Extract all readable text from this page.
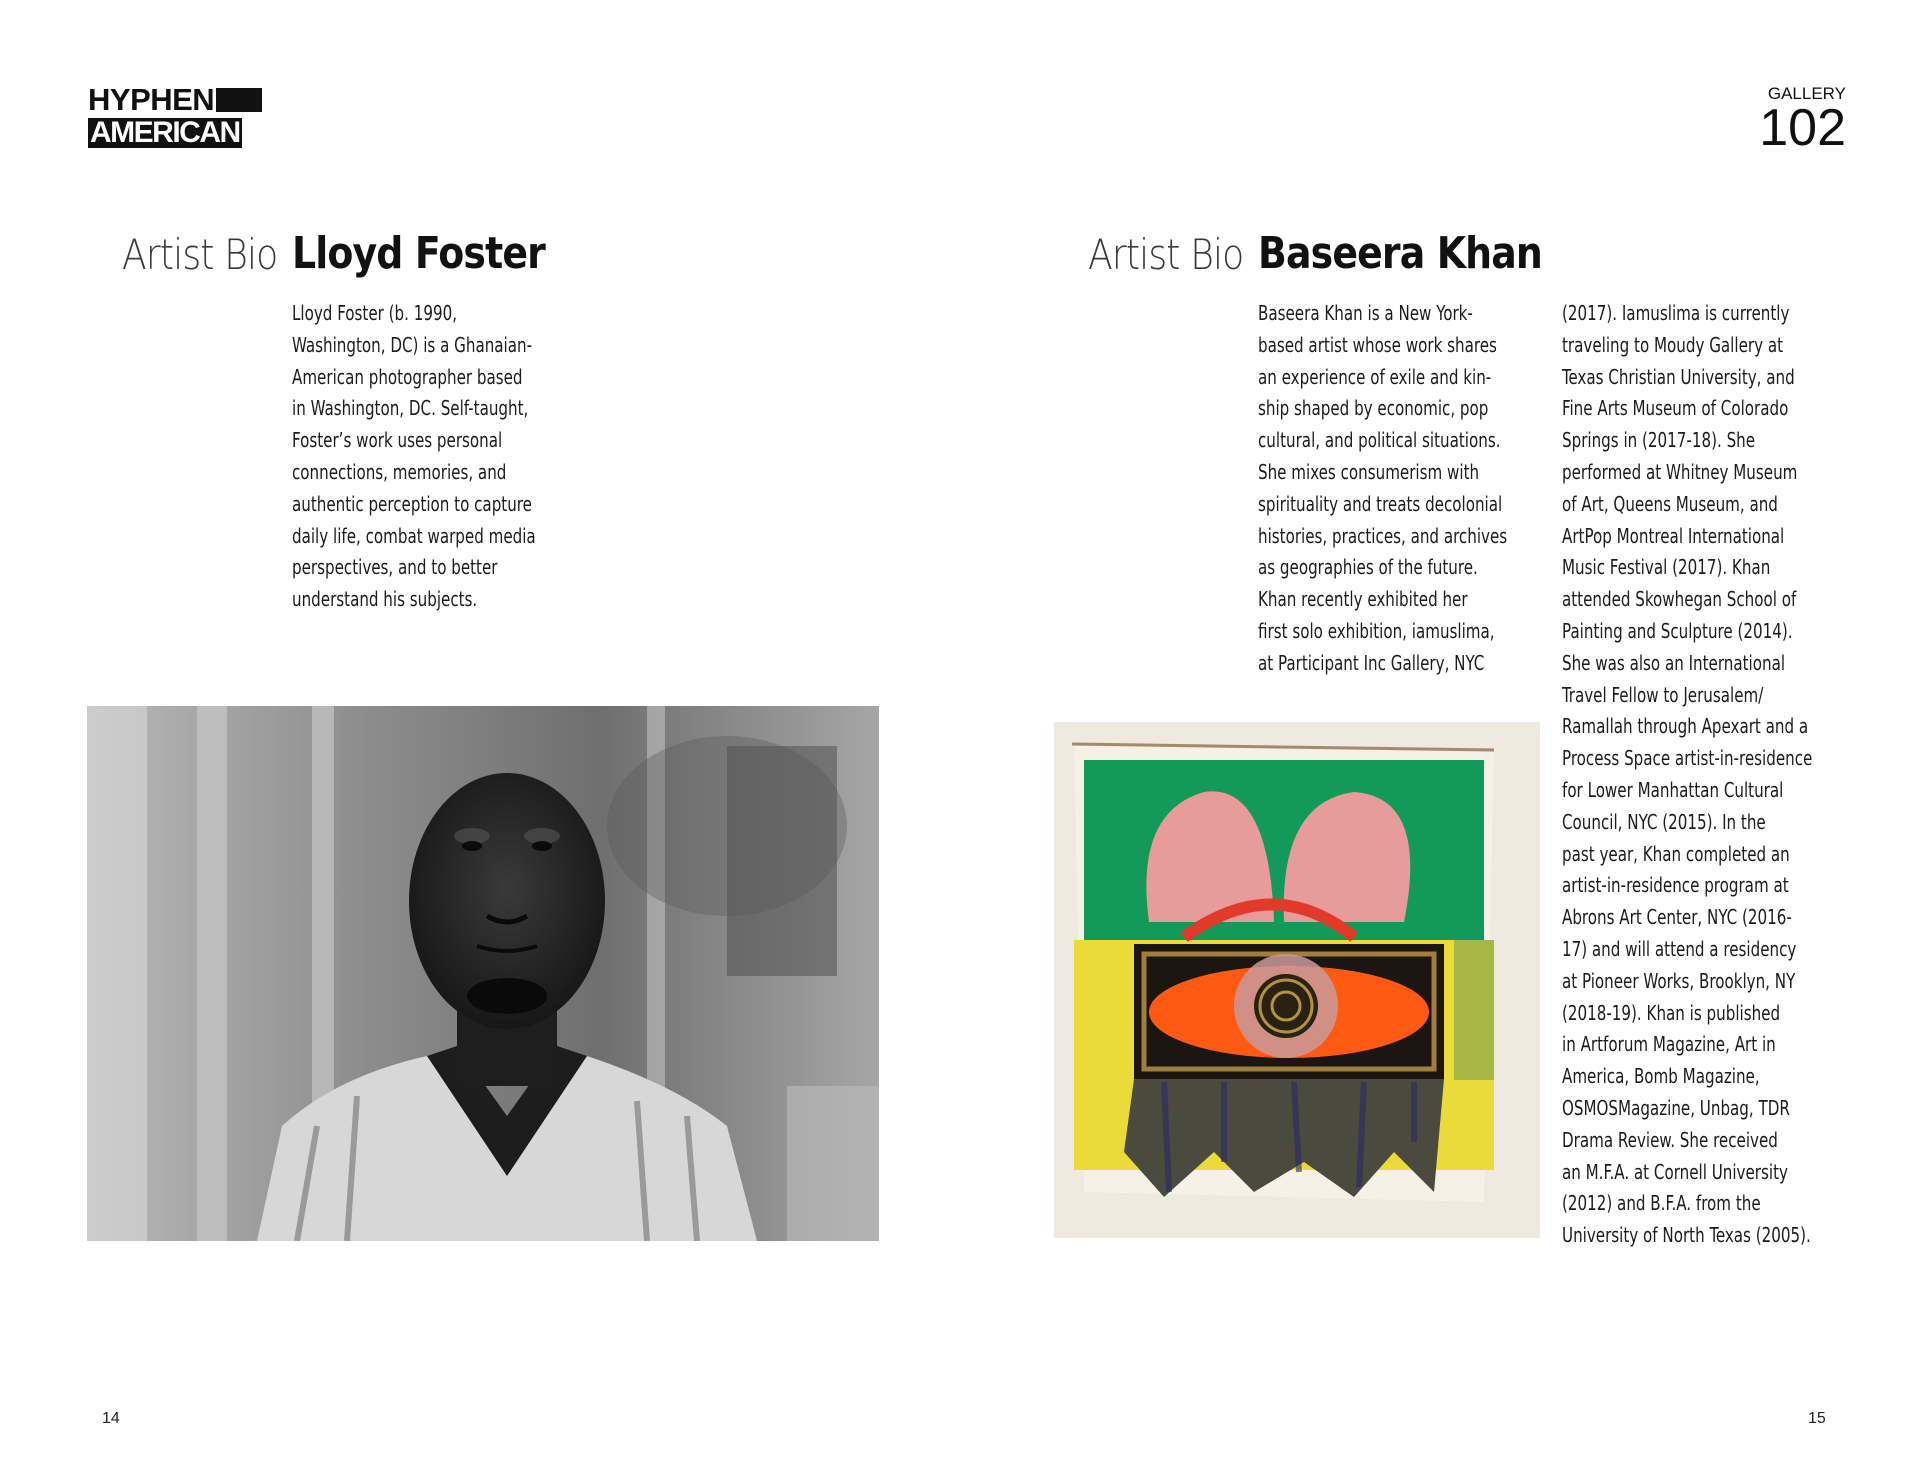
HYPHEN
AMERICAN
GALLERY
102
Artist Bio Lloyd Foster

Lloyd Foster (b. 1990,
Washington, DC) is a Ghanaian-
American photographer based
in Washington, DC. Self-taught,
Foster’s work uses personal
connections, memories, and
authentic perception to capture
daily life, combat warped media
perspectives, and to better
understand his subjects.

Artist Bio Baseera Khan

Baseera Khan is a New York-
based artist whose work shares
an experience of exile and kin-
ship shaped by economic, pop
cultural, and political situations.
She mixes consumerism with
spirituality and treats decolonial
histories, practices, and archives
as geographies of the future.
Khan recently exhibited her
first solo exhibition, iamuslima,
at Participant Inc Gallery, NYC

(2017). Iamuslima is currently
traveling to Moudy Gallery at
Texas Christian University, and
Fine Arts Museum of Colorado
Springs in (2017-18). She
performed at Whitney Museum
of Art, Queens Museum, and
ArtPop Montreal International
Music Festival (2017). Khan
attended Skowhegan School of
Painting and Sculpture (2014).
She was also an International
Travel Fellow to Jerusalem/
Ramallah through Apexart and a
Process Space artist-in-residence
for Lower Manhattan Cultural
Council, NYC (2015). In the
past year, Khan completed an
artist-in-residence program at
Abrons Art Center, NYC (2016-
17) and will attend a residency
at Pioneer Works, Brooklyn, NY
(2018-19). Khan is published
in Artforum Magazine, Art in
America, Bomb Magazine,
OSMOSMagazine, Unbag, TDR
Drama Review. She received
an M.F.A. at Cornell University
(2012) and B.F.A. from the
University of North Texas (2005).

14	15
